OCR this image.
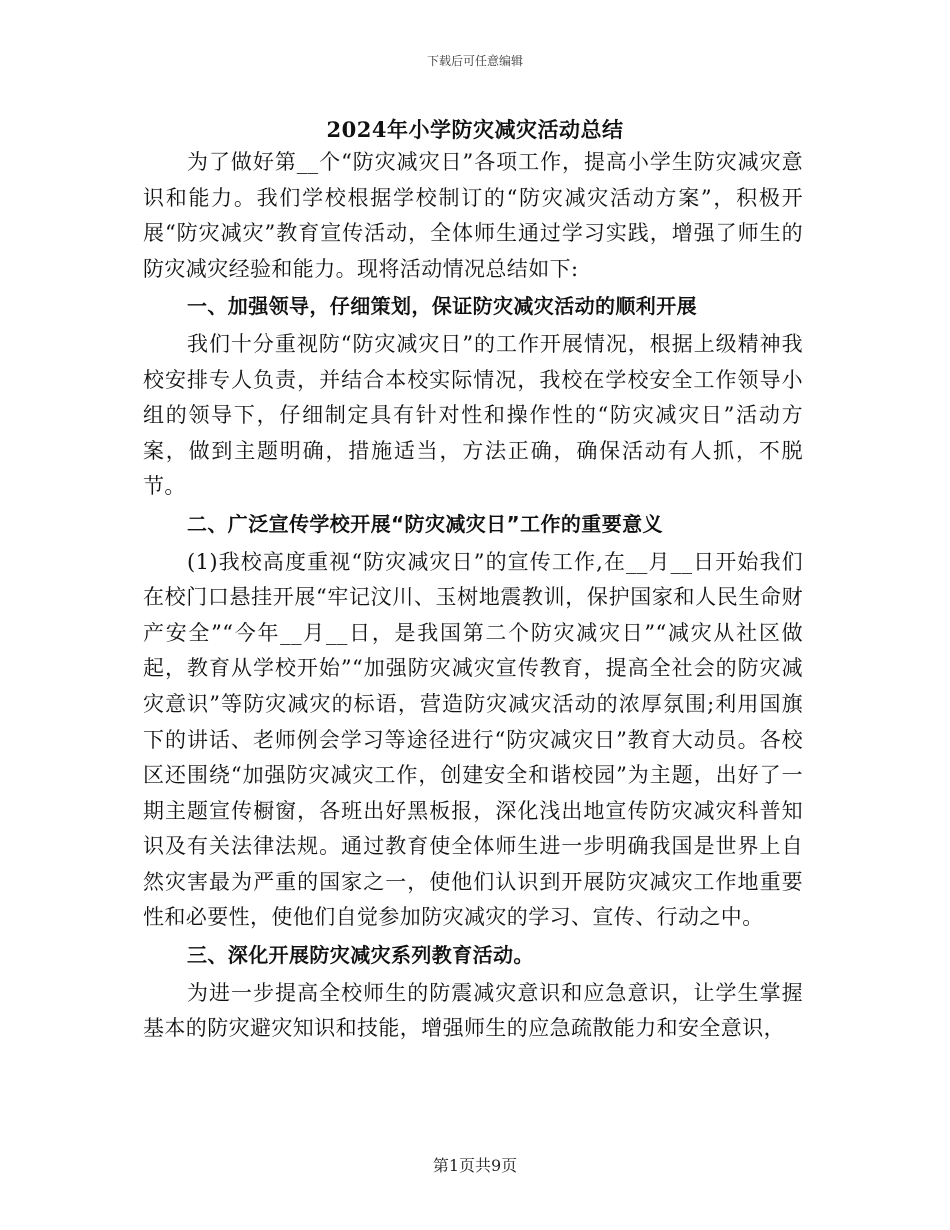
下载后可任意编辑
2024年小学防灾减灾活动总结

为了做好第__个“防灾减灾日”各项工作，提高小学生防灾减灾意识和能力。我们学校根据学校制订的“防灾减灾活动方案”，积极开展“防灾减灾”教育宣传活动，全体师生通过学习实践，增强了师生的防灾减灾经验和能力。现将活动情况总结如下:

一、加强领导，仔细策划，保证防灾减灾活动的顺利开展

我们十分重视防“防灾减灾日”的工作开展情况，根据上级精神我校安排专人负责，并结合本校实际情况，我校在学校安全工作领导小组的领导下，仔细制定具有针对性和操作性的“防灾减灾日”活动方案，做到主题明确，措施适当，方法正确，确保活动有人抓，不脱节。

二、广泛宣传学校开展“防灾减灾日”工作的重要意义

(1)我校高度重视“防灾减灾日”的宣传工作,在__月__日开始我们在校门口悬挂开展“牢记汶川、玉树地震教训，保护国家和人民生命财产安全”“今年__月__日，是我国第二个防灾减灾日”“减灾从社区做起，教育从学校开始”“加强防灾减灾宣传教育，提高全社会的防灾减灾意识”等防灾减灾的标语，营造防灾减灾活动的浓厚氛围;利用国旗下的讲话、老师例会学习等途径进行“防灾减灾日”教育大动员。各校区还围绕“加强防灾减灾工作，创建安全和谐校园”为主题，出好了一期主题宣传橱窗，各班出好黑板报，深化浅出地宣传防灾减灾科普知识及有关法律法规。通过教育使全体师生进一步明确我国是世界上自然灾害最为严重的国家之一，使他们认识到开展防灾减灾工作地重要性和必要性，使他们自觉参加防灾减灾的学习、宣传、行动之中。

三、深化开展防灾减灾系列教育活动。

为进一步提高全校师生的防震减灾意识和应急意识，让学生掌握基本的防灾避灾知识和技能，增强师生的应急疏散能力和安全意识，

第1页共9页
